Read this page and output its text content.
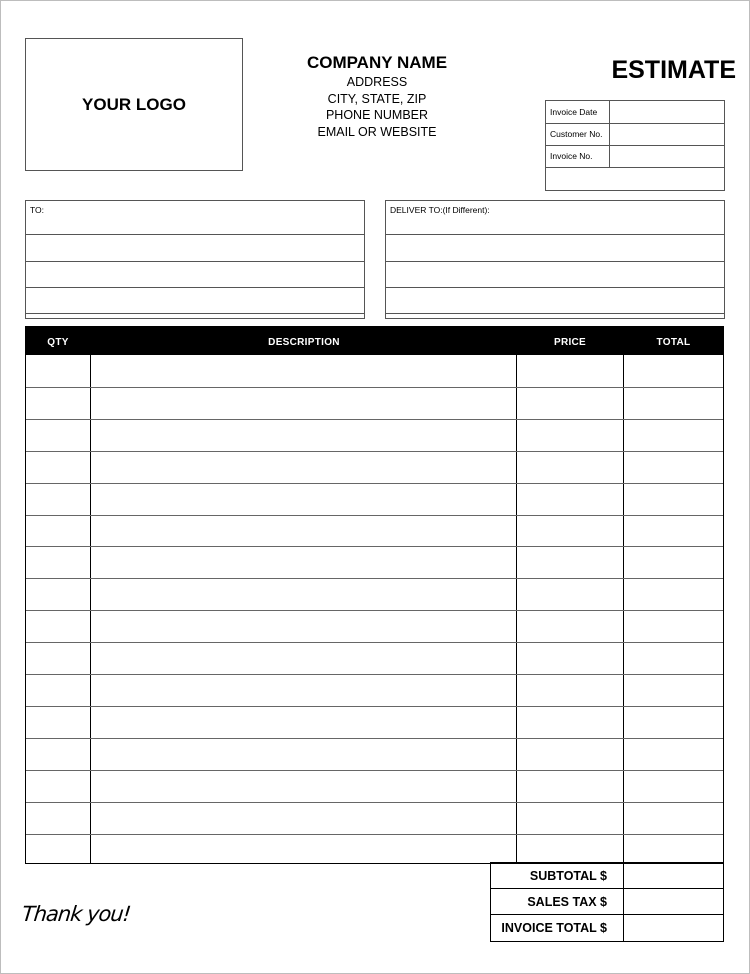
YOUR LOGO
COMPANY NAME
ADDRESS
CITY, STATE, ZIP
PHONE NUMBER
EMAIL OR WEBSITE
ESTIMATE
Invoice Date
Customer No.
Invoice No.
TO:	DELIVER TO:(If Different):
QTY	DESCRIPTION	PRICE	TOTAL
SUBTOTAL $
SALES TAX $
INVOICE TOTAL $
Thank you!
